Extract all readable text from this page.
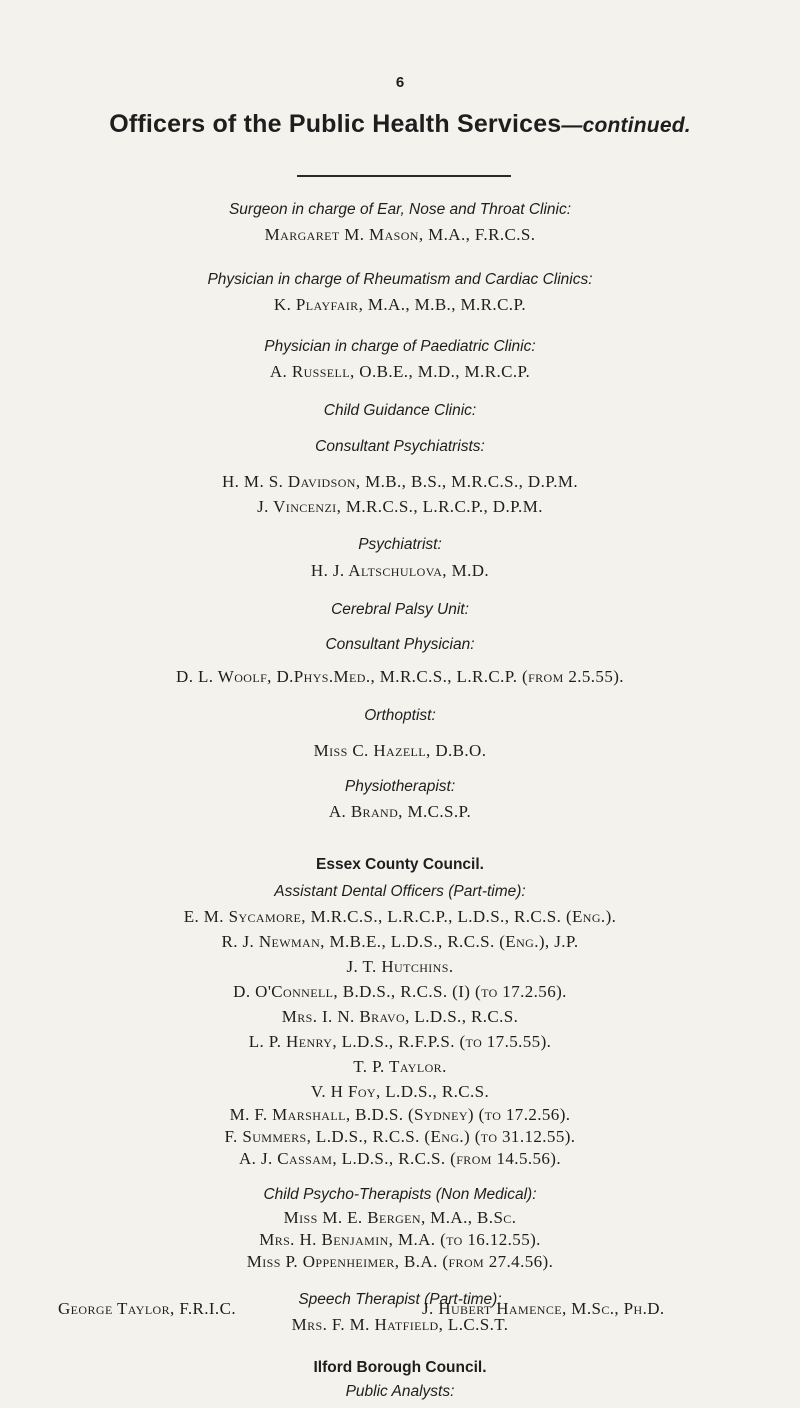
6
Officers of the Public Health Services—continued.
Surgeon in charge of Ear, Nose and Throat Clinic:
Margaret M. Mason, M.A., F.R.C.S.
Physician in charge of Rheumatism and Cardiac Clinics:
K. Playfair, M.A., M.B., M.R.C.P.
Physician in charge of Paediatric Clinic:
A. Russell, O.B.E., M.D., M.R.C.P.
Child Guidance Clinic:
Consultant Psychiatrists:
H. M. S. Davidson, M.B., B.S., M.R.C.S., D.P.M.
J. Vincenzi, M.R.C.S., L.R.C.P., D.P.M.
Psychiatrist:
H. J. Altschulova, M.D.
Cerebral Palsy Unit:
Consultant Physician:
D. L. Woolf, D.Phys.Med., M.R.C.S., L.R.C.P. (from 2.5.55).
Orthoptist:
Miss C. Hazell, D.B.O.
Physiotherapist:
A. Brand, M.C.S.P.
Essex County Council.
Assistant Dental Officers (Part-time):
E. M. Sycamore, M.R.C.S., L.R.C.P., L.D.S., R.C.S. (Eng.).
R. J. Newman, M.B.E., L.D.S., R.C.S. (Eng.), J.P.
J. T. Hutchins.
D. O'Connell, B.D.S., R.C.S. (I) (to 17.2.56).
Mrs. I. N. Bravo, L.D.S., R.C.S.
L. P. Henry, L.D.S., R.F.P.S. (to 17.5.55).
T. P. Taylor.
V. H Foy, L.D.S., R.C.S.
M. F. Marshall, B.D.S. (Sydney) (to 17.2.56).
F. Summers, L.D.S., R.C.S. (Eng.) (to 31.12.55).
A. J. Cassam, L.D.S., R.C.S. (from 14.5.56).
Child Psycho-Therapists (Non Medical):
Miss M. E. Bergen, M.A., B.Sc.
Mrs. H. Benjamin, M.A. (to 16.12.55).
Miss P. Oppenheimer, B.A. (from 27.4.56).
Speech Therapist (Part-time):
Mrs. F. M. Hatfield, L.C.S.T.
Ilford Borough Council.
Public Analysts:
George Taylor, F.R.I.C.	J. Hubert Hamence, M.Sc., Ph.D.
